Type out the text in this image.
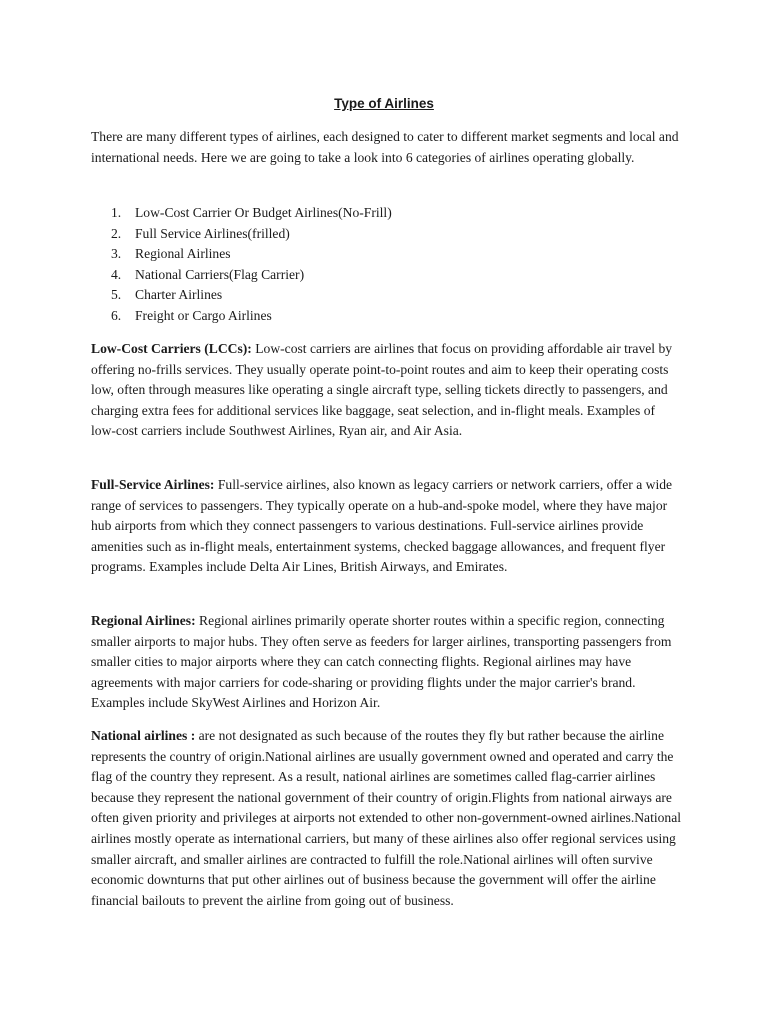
Type of Airlines

There are many different types of airlines, each designed to cater to different market segments and local and international needs. Here we are going to take a look into 6 categories of airlines operating globally.

1. Low-Cost Carrier Or Budget Airlines(No-Frill)
2. Full Service Airlines(frilled)
3. Regional Airlines
4. National Carriers(Flag Carrier)
5. Charter Airlines
6. Freight or Cargo Airlines

Low-Cost Carriers (LCCs): Low-cost carriers are airlines that focus on providing affordable air travel by offering no-frills services. They usually operate point-to-point routes and aim to keep their operating costs low, often through measures like operating a single aircraft type, selling tickets directly to passengers, and charging extra fees for additional services like baggage, seat selection, and in-flight meals. Examples of low-cost carriers include Southwest Airlines, Ryan air, and Air Asia.

Full-Service Airlines: Full-service airlines, also known as legacy carriers or network carriers, offer a wide range of services to passengers. They typically operate on a hub-and-spoke model, where they have major hub airports from which they connect passengers to various destinations. Full-service airlines provide amenities such as in-flight meals, entertainment systems, checked baggage allowances, and frequent flyer programs. Examples include Delta Air Lines, British Airways, and Emirates.

Regional Airlines: Regional airlines primarily operate shorter routes within a specific region, connecting smaller airports to major hubs. They often serve as feeders for larger airlines, transporting passengers from smaller cities to major airports where they can catch connecting flights. Regional airlines may have agreements with major carriers for code-sharing or providing flights under the major carrier's brand. Examples include SkyWest Airlines and Horizon Air.

National airlines : are not designated as such because of the routes they fly but rather because the airline represents the country of origin.National airlines are usually government owned and operated and carry the flag of the country they represent. As a result, national airlines are sometimes called flag-carrier airlines because they represent the national government of their country of origin.Flights from national airways are often given priority and privileges at airports not extended to other non-government-owned airlines.National airlines mostly operate as international carriers, but many of these airlines also offer regional services using smaller aircraft, and smaller airlines are contracted to fulfill the role.National airlines will often survive economic downturns that put other airlines out of business because the government will offer the airline financial bailouts to prevent the airline from going out of business.
